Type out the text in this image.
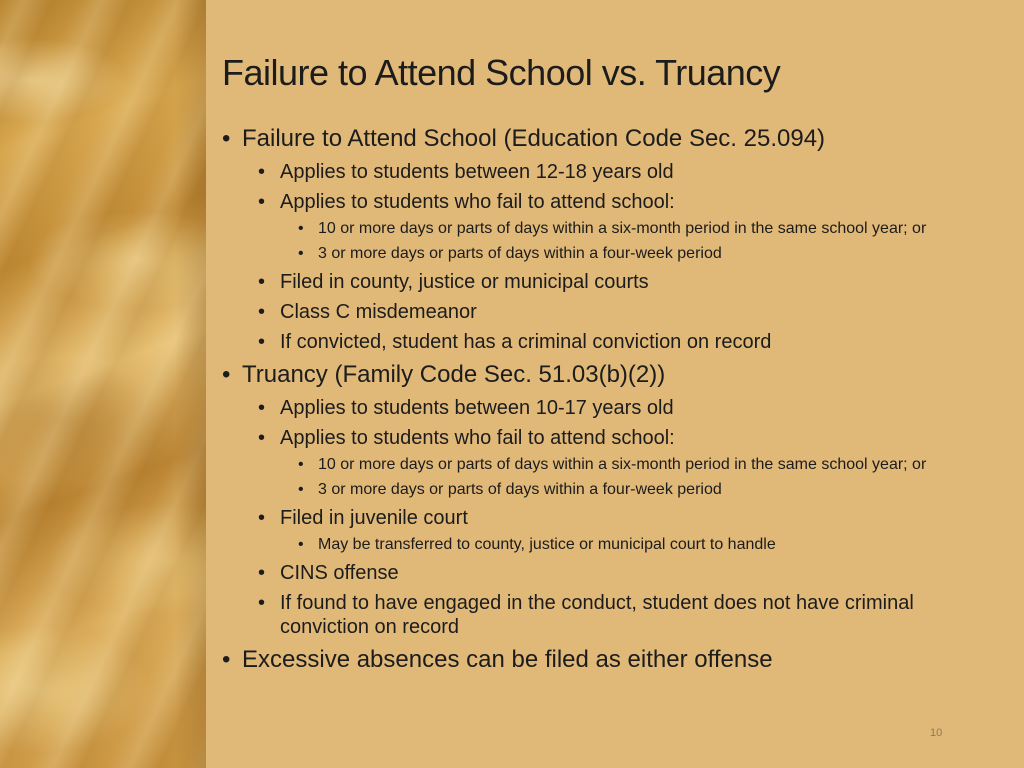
Failure to Attend School vs. Truancy
• Failure to Attend School (Education Code Sec. 25.094)
• Applies to students between 12-18 years old
• Applies to students who fail to attend school:
• 10 or more days or parts of days within a six-month period in the same school year; or
• 3 or more days or parts of days within a four-week period
• Filed in county, justice or municipal courts
• Class C misdemeanor
• If convicted, student has a criminal conviction on record
• Truancy (Family Code Sec. 51.03(b)(2))
• Applies to students between 10-17 years old
• Applies to students who fail to attend school:
• 10 or more days or parts of days within a six-month period in the same school year; or
• 3 or more days or parts of days within a four-week period
• Filed in juvenile court
• May be transferred to county, justice or municipal court to handle
• CINS offense
• If found to have engaged in the conduct, student does not have criminal conviction on record
• Excessive absences can be filed as either offense
10
